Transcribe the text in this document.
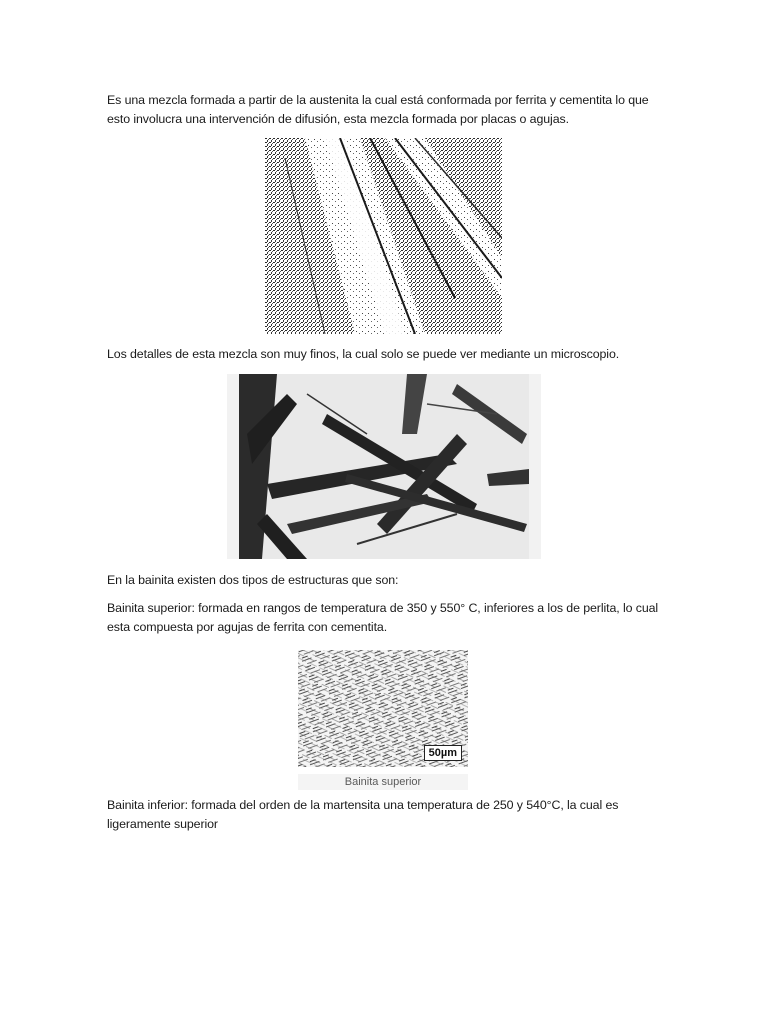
Es una mezcla formada a partir de la austenita la cual está conformada por ferrita y cementita lo que esto involucra una intervención de difusión, esta mezcla formada por placas o agujas.

Los detalles de esta mezcla son muy finos, la cual solo se puede ver mediante un microscopio.

En la bainita existen dos tipos de estructuras que son:

Bainita superior: formada en rangos de temperatura de 350 y 550° C, inferiores a los de perlita, lo cual esta compuesta por agujas de ferrita con cementita.

50µm
Bainita superior

Bainita inferior: formada del orden de la martensita una temperatura de 250 y 540°C, la cual es ligeramente superior
